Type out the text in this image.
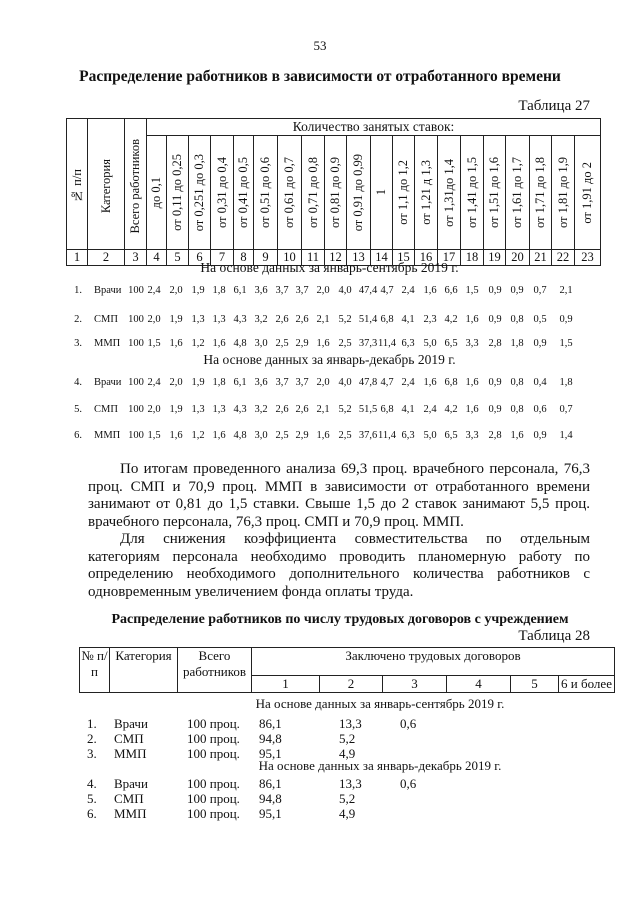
53
Распределение работников в зависимости от отработанного времени
Таблица 27
№ п/п	Категория	Всего работников	Количество занятых ставок:																			

			до 0,1	от 0,11 до 0,25	от 0,251 до 0,3	от 0,31 до 0,4	от 0,41 до 0,5	от 0,51 до 0,6	от 0,61 до 0,7	от 0,71 до 0,8	от 0,81 до 0,9	от 0,91 до 0,99	1	от 1,1 до 1,2	от 1,21 д 1,3	от 1,31до 1,4	от 1,41 до 1,5	от 1,51 до 1,6	от 1,61 до 1,7	от 1,71 до 1,8	от 1,81 до 1,9	от 1,91 до 2

1	2	3	4	5	6	7	8	9	10	11	12	13	14	15	16	17	18	19	20	21	22	23
На основе данных за январь-сентябрь 2019 г.
1.	Врачи 100 2,4 2,0 1,9 1,8 6,1 3,6 3,7 3,7 2,0 4,0 47,4 4,7 2,4 1,6 6,6 1,5 0,9 0,9 0,7	2,1
2.	СМП 100 2,0 1,9 1,3 1,3 4,3 3,2 2,6 2,6 2,1 5,2 51,4 6,8 4,1 2,3 4,2 1,6 0,9 0,8 0,5	0,9
3.	ММП 100 1,5 1,6 1,2 1,6 4,8 3,0 2,5 2,9 1,6 2,5 37,3 11,4 6,3 5,0 6,5 3,3 2,8 1,8 0,9	1,5
На основе данных за январь-декабрь 2019 г.
4.	Врачи 100 2,4 2,0 1,9 1,8 6,1 3,6 3,7 3,7 2,0 4,0 47,8 4,7 2,4 1,6 6,8 1,6 0,9 0,8 0,4	1,8
5.	СМП 100 2,0 1,9 1,3 1,3 4,3 3,2 2,6 2,6 2,1 5,2 51,5 6,8 4,1 2,4 4,2 1,6 0,9 0,8 0,6	0,7
6.	ММП 100 1,5 1,6 1,2 1,6 4,8 3,0 2,5 2,9 1,6 2,5 37,6 11,4 6,3 5,0 6,5 3,3 2,8 1,6 0,9	1,4
По итогам проведенного анализа 69,3 проц. врачебного персонала, 76,3 проц. СМП и 70,9 проц. ММП в зависимости от отработанного времени занимают от 0,81 до 1,5 ставки. Свыше 1,5 до 2 ставок занимают 5,5 проц. врачебного персонала, 76,3 проц. СМП и 70,9 проц. ММП.
Для снижения коэффициента совместительства по отдельным категориям персонала необходимо проводить планомерную работу по определению необходимого дополнительного количества работников с одновременным увеличением фонда оплаты труда.
Распределение работников по числу трудовых договоров с учреждением
Таблица 28
№ п/п	Категория	Всего работников	Заключено трудовых договоров					
			1	2	3	4	5	6 и более
На основе данных за январь-сентябрь 2019 г.
1. Врачи	100 проц. 86,1	13,3	0,6
2. СМП	100 проц. 94,8	5,2
3. ММП	100 проц. 95,1	4,9
На основе данных за январь-декабрь 2019 г.
4. Врачи	100 проц. 86,1	13,3	0,6
5. СМП	100 проц. 94,8	5,2
6. ММП	100 проц. 95,1	4,9
